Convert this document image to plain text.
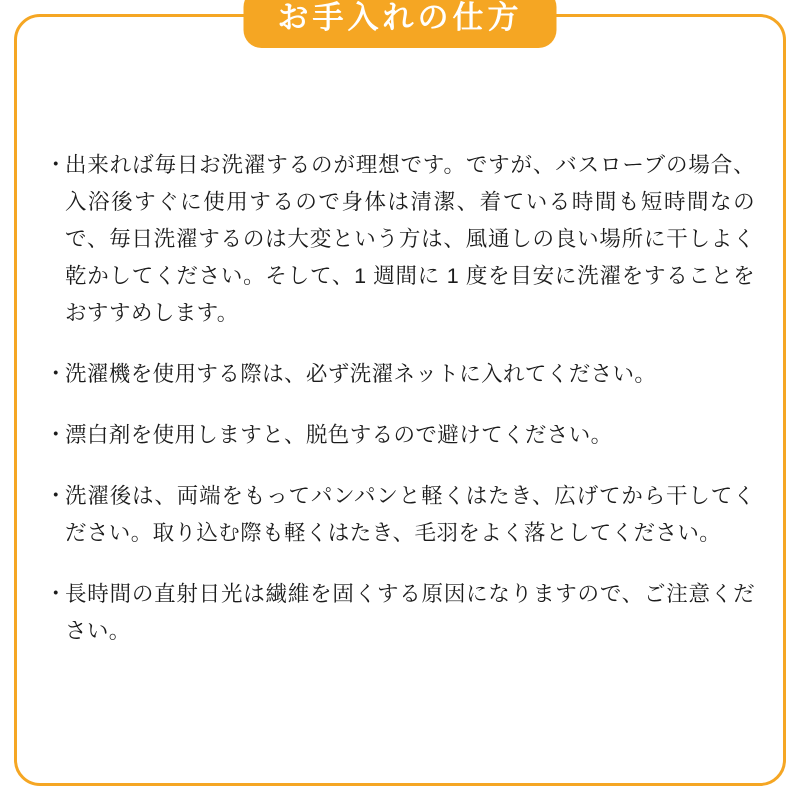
お手入れの仕方
・
出来れば毎日お洗濯するのが理想です。ですが、バスローブの場合、入浴後すぐに使用するので身体は清潔、着ている時間も短時間なので、毎日洗濯するのは大変という方は、風通しの良い場所に干しよく乾かしてください。そして、1 週間に 1 度を目安に洗濯をすることをおすすめします。
・
洗濯機を使用する際は、必ず洗濯ネットに入れてください。
・
漂白剤を使用しますと、脱色するので避けてください。
・
洗濯後は、両端をもってパンパンと軽くはたき、広げてから干してください。取り込む際も軽くはたき、毛羽をよく落としてください。
・
長時間の直射日光は繊維を固くする原因になりますので、ご注意ください。
